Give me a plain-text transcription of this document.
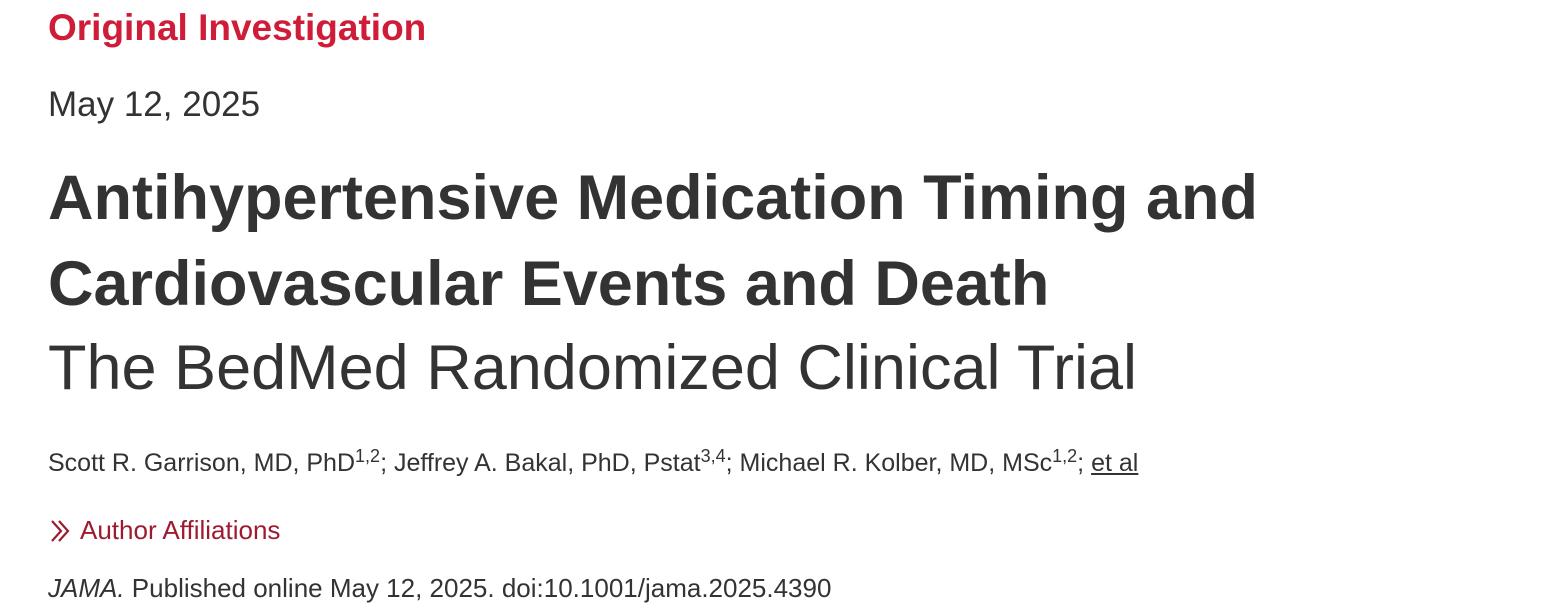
Original Investigation
May 12, 2025
Antihypertensive Medication Timing and Cardiovascular Events and Death
The BedMed Randomized Clinical Trial
Scott R. Garrison, MD, PhD$^{1,2}$; Jeffrey A. Bakal, PhD, Pstat$^{3,4}$; Michael R. Kolber, MD, MSc$^{1,2}$; et al
Author Affiliations
JAMA. Published online May 12, 2025. doi:10.1001/jama.2025.4390
